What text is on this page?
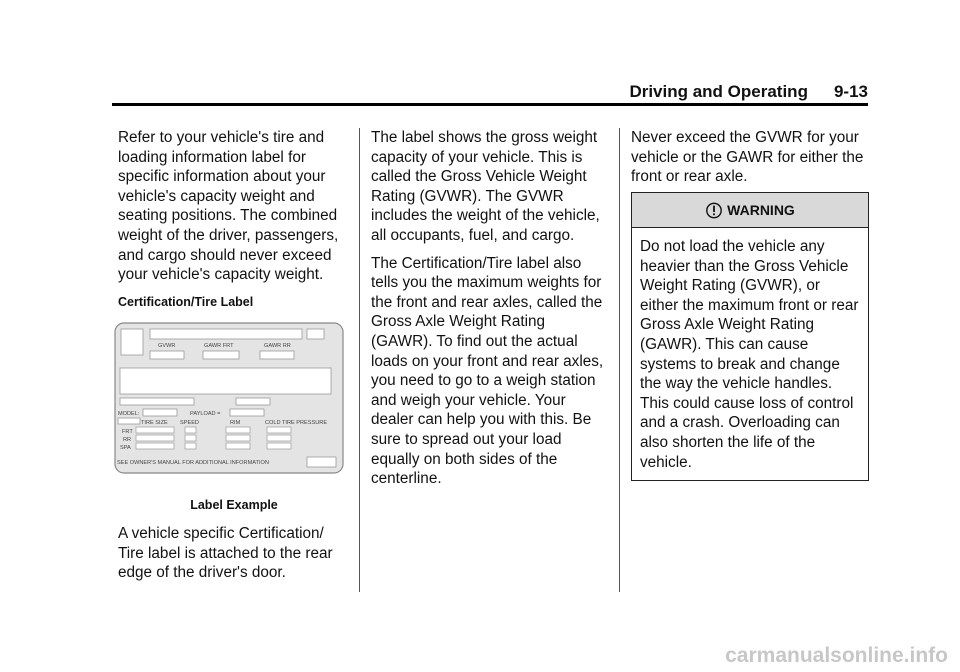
Driving and Operating 9-13

Refer to your vehicle's tire and loading information label for specific information about your vehicle's capacity weight and seating positions. The combined weight of the driver, passengers, and cargo should never exceed your vehicle's capacity weight.

Certification/Tire Label

GVWR	GAWR FRT	GAWR RR
MODEL:	PAYLOAD =
TIRE SIZE SPEED	RIM	COLD TIRE PRESSURE
FRT
RR
SPA
SEE OWNER'S MANUAL FOR ADDITIONAL INFORMATION
Label Example
A vehicle specific Certification/ Tire label is attached to the rear edge of the driver's door.

The label shows the gross weight capacity of your vehicle. This is called the Gross Vehicle Weight Rating (GVWR). The GVWR includes the weight of the vehicle, all occupants, fuel, and cargo.

The Certification/Tire label also tells you the maximum weights for the front and rear axles, called the Gross Axle Weight Rating (GAWR). To find out the actual loads on your front and rear axles, you need to go to a weigh station and weigh your vehicle. Your dealer can help you with this. Be sure to spread out your load equally on both sides of the centerline.

Never exceed the GVWR for your vehicle or the GAWR for either the front or rear axle.

WARNING
Do not load the vehicle any heavier than the Gross Vehicle Weight Rating (GVWR), or either the maximum front or rear Gross Axle Weight Rating (GAWR). This can cause systems to break and change the way the vehicle handles. This could cause loss of control and a crash. Overloading can also shorten the life of the vehicle.
carmanualsonline.info
